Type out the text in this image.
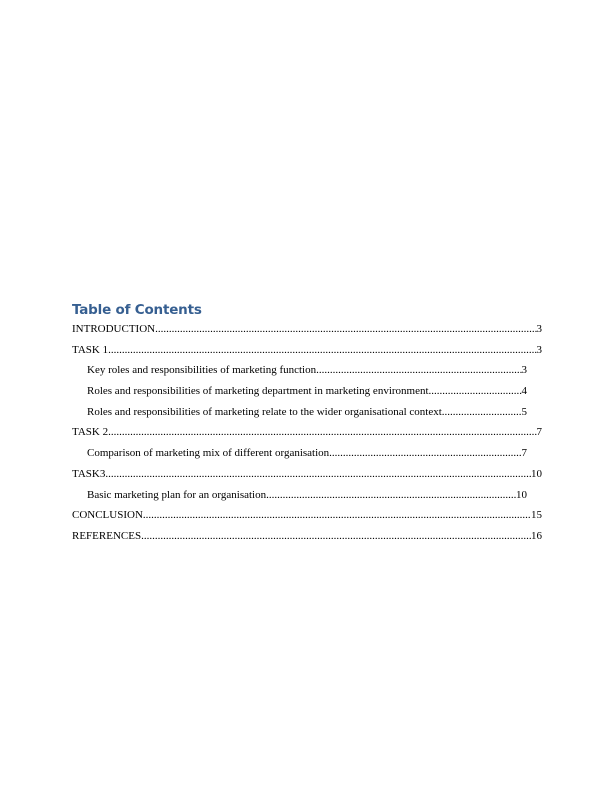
Table of Contents
INTRODUCTION .....	3
TASK 1 .....	3
Key roles and responsibilities of marketing function .....	3
Roles and responsibilities of marketing department in marketing environment .....	4
Roles and responsibilities of marketing relate to the wider organisational context .....	5
TASK 2 .....	7
Comparison of marketing mix of different organisation .....	7
TASK3 .....	10
Basic marketing plan for an organisation .....	10
CONCLUSION .....	15
REFERENCES .....	16
